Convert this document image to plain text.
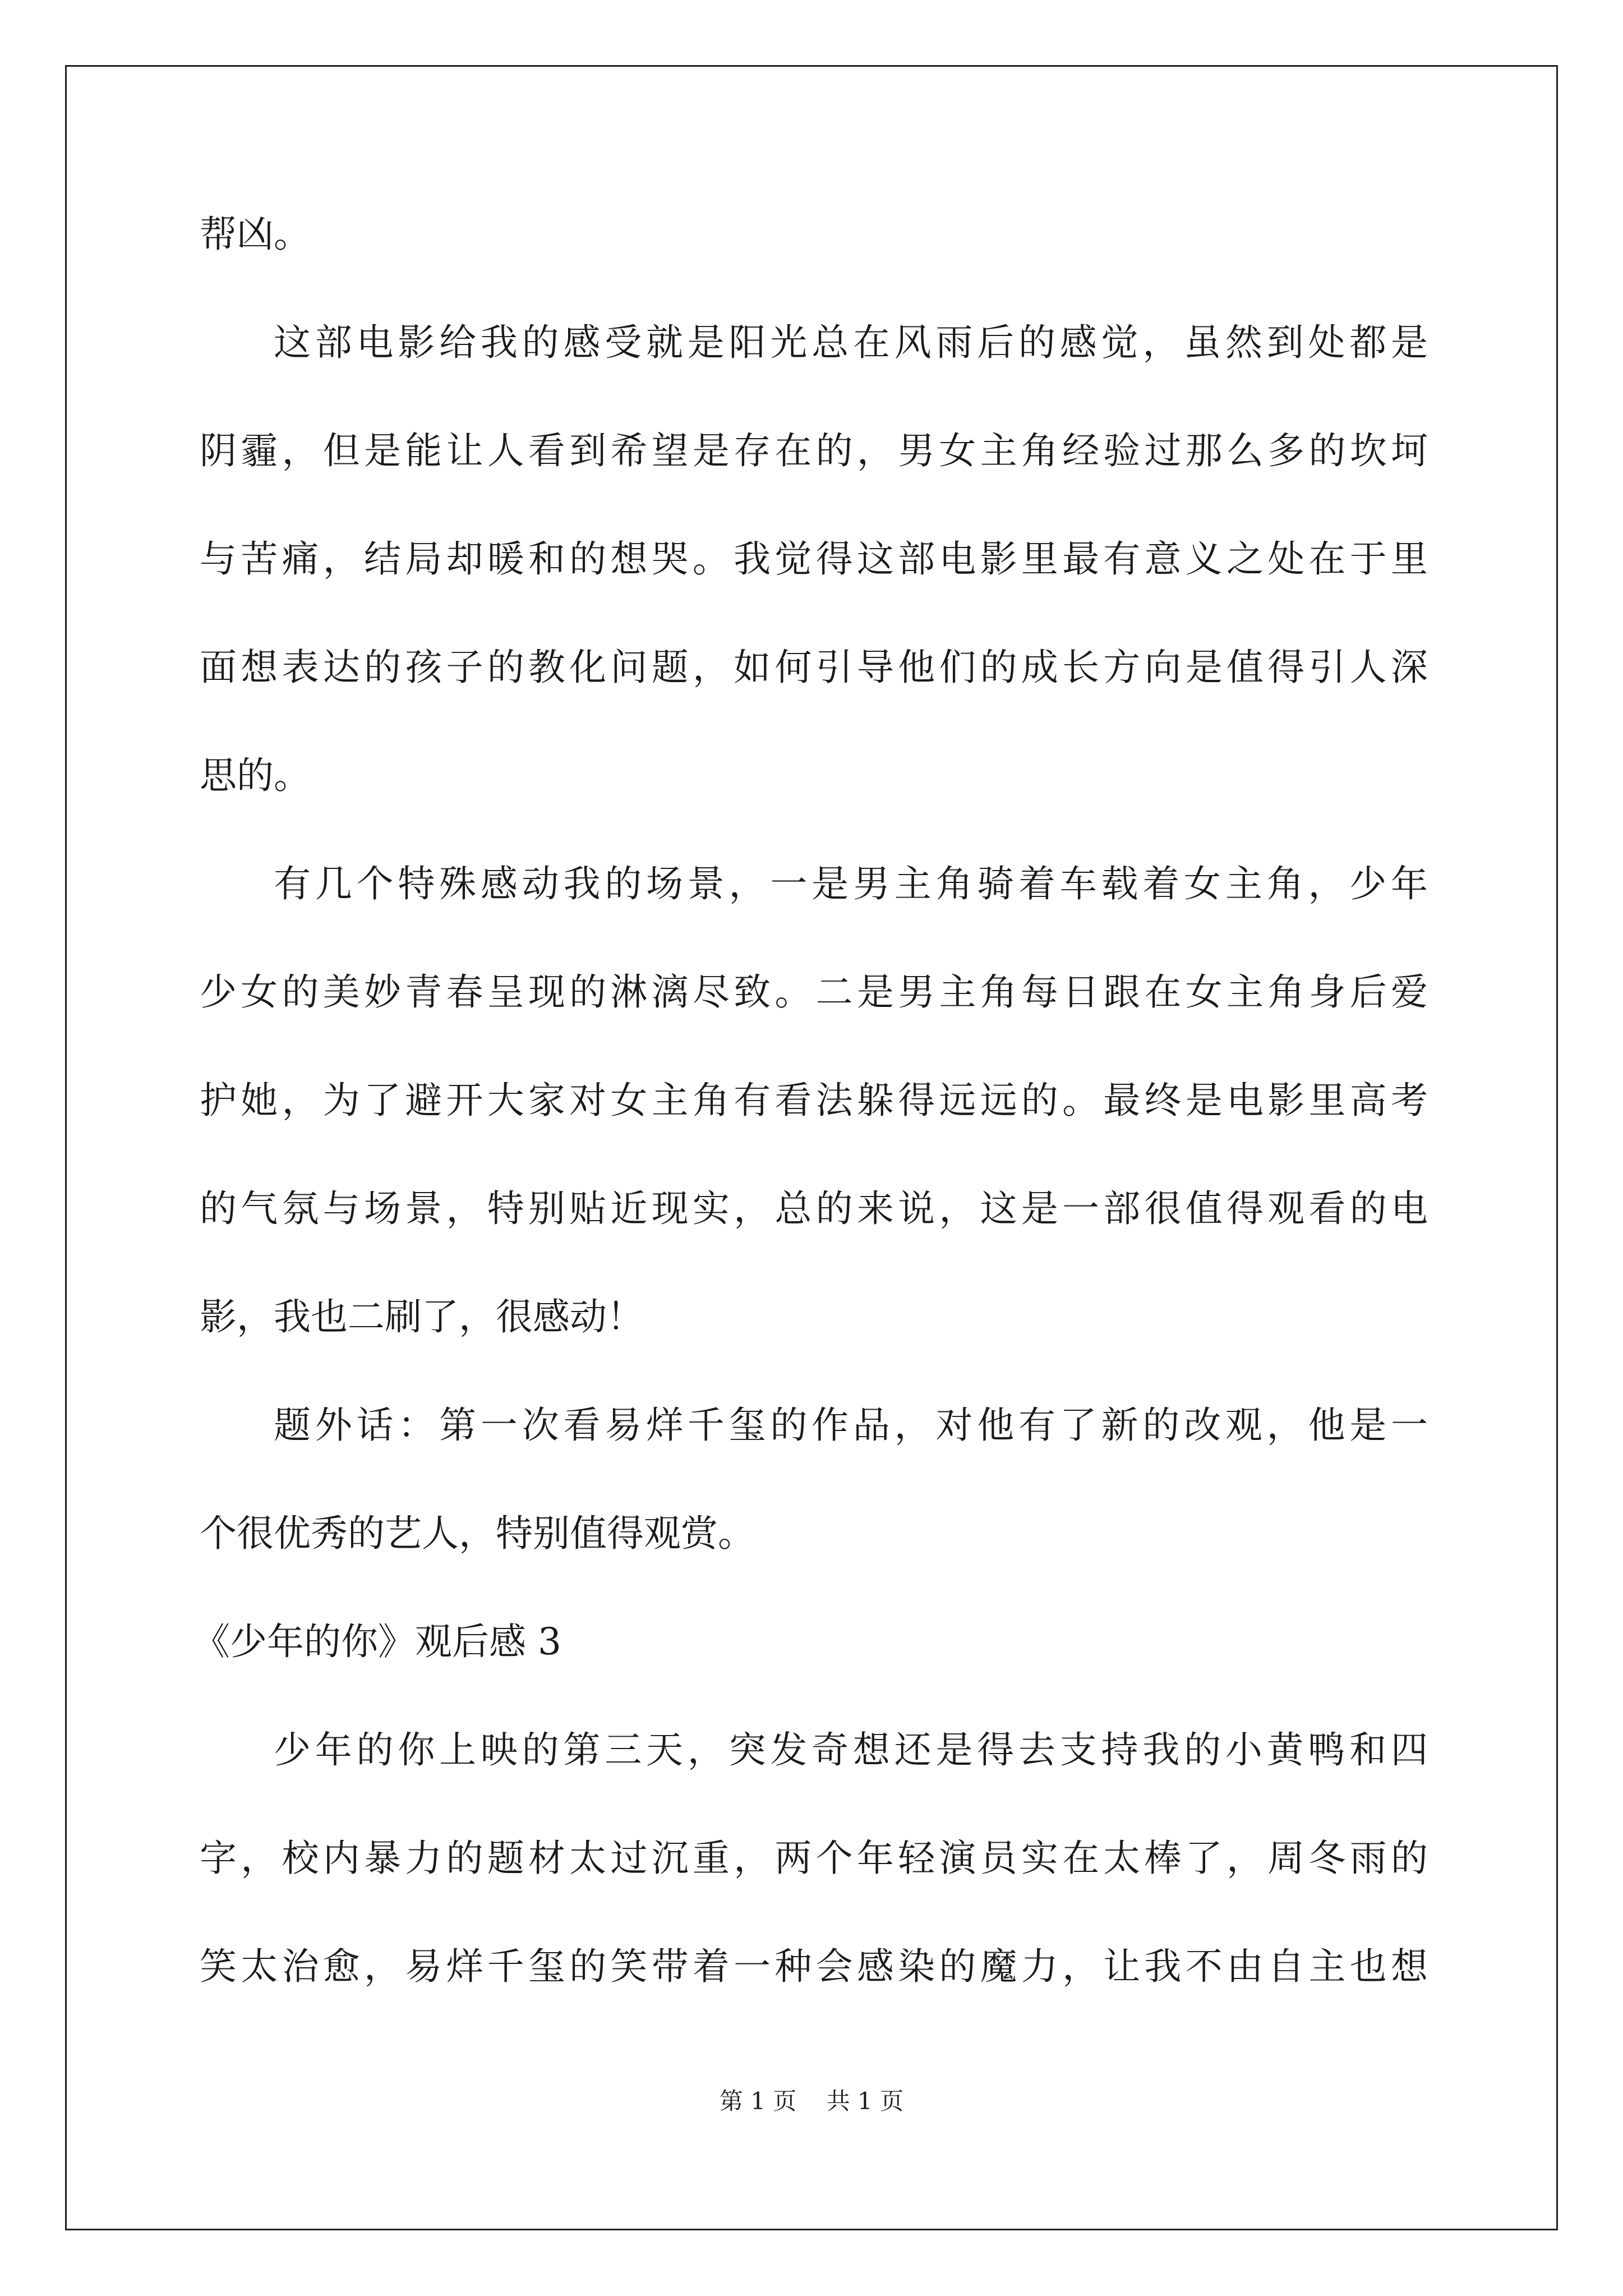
帮凶。
这部电影给我的感受就是阳光总在风雨后的感觉，虽然到处都是
阴霾，但是能让人看到希望是存在的，男女主角经验过那么多的坎坷
与苦痛，结局却暖和的想哭。我觉得这部电影里最有意义之处在于里
面想表达的孩子的教化问题，如何引导他们的成长方向是值得引人深
思的。
有几个特殊感动我的场景，一是男主角骑着车载着女主角，少年
少女的美妙青春呈现的淋漓尽致。二是男主角每日跟在女主角身后爱
护她，为了避开大家对女主角有看法躲得远远的。最终是电影里高考
的气氛与场景，特别贴近现实，总的来说，这是一部很值得观看的电
影，我也二刷了，很感动！
题外话：第一次看易烊千玺的作品，对他有了新的改观，他是一
个很优秀的艺人，特别值得观赏。
《少年的你》观后感 3
少年的你上映的第三天，突发奇想还是得去支持我的小黄鸭和四
字，校内暴力的题材太过沉重，两个年轻演员实在太棒了，周冬雨的
笑太治愈，易烊千玺的笑带着一种会感染的魔力，让我不由自主也想
第 1 页    共 1 页
